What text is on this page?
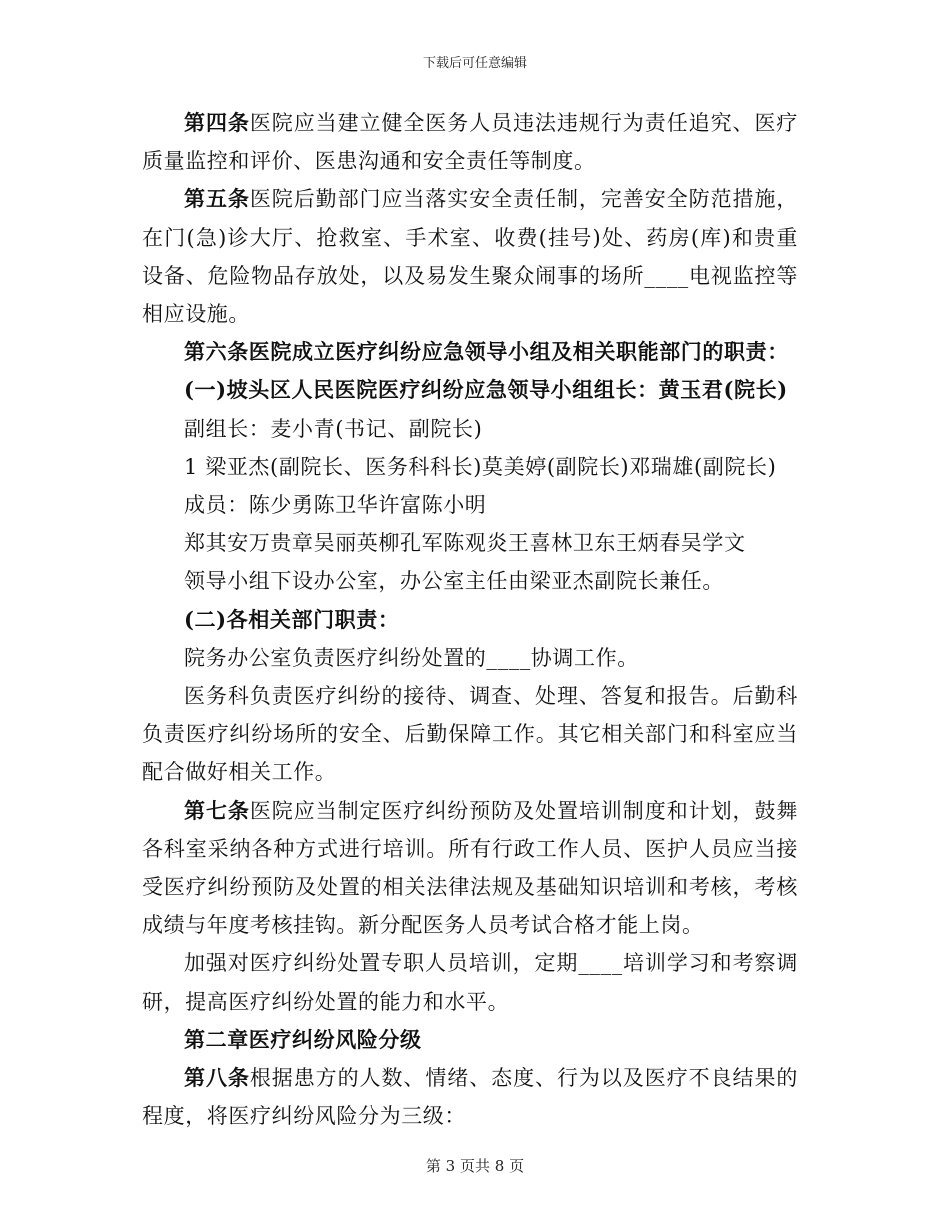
下载后可任意编辑

第四条医院应当建立健全医务人员违法违规行为责任追究、医疗质量监控和评价、医患沟通和安全责任等制度。

第五条医院后勤部门应当落实安全责任制，完善安全防范措施，在门(急)诊大厅、抢救室、手术室、收费(挂号)处、药房(库)和贵重设备、危险物品存放处，以及易发生聚众闹事的场所____电视监控等相应设施。

第六条医院成立医疗纠纷应急领导小组及相关职能部门的职责：

(一)坡头区人民医院医疗纠纷应急领导小组组长：黄玉君(院长)

副组长：麦小青(书记、副院长)

1 梁亚杰(副院长、医务科科长)莫美婷(副院长)邓瑞雄(副院长)

成员：陈少勇陈卫华许富陈小明

郑其安万贵章吴丽英柳孔军陈观炎王喜林卫东王炳春吴学文

领导小组下设办公室，办公室主任由梁亚杰副院长兼任。

(二)各相关部门职责：

院务办公室负责医疗纠纷处置的____协调工作。

医务科负责医疗纠纷的接待、调查、处理、答复和报告。后勤科负责医疗纠纷场所的安全、后勤保障工作。其它相关部门和科室应当配合做好相关工作。

第七条医院应当制定医疗纠纷预防及处置培训制度和计划，鼓舞各科室采纳各种方式进行培训。所有行政工作人员、医护人员应当接受医疗纠纷预防及处置的相关法律法规及基础知识培训和考核，考核成绩与年度考核挂钩。新分配医务人员考试合格才能上岗。

加强对医疗纠纷处置专职人员培训，定期____培训学习和考察调研，提高医疗纠纷处置的能力和水平。

第二章医疗纠纷风险分级

第八条根据患方的人数、情绪、态度、行为以及医疗不良结果的程度，将医疗纠纷风险分为三级：

第 3 页共 8 页
